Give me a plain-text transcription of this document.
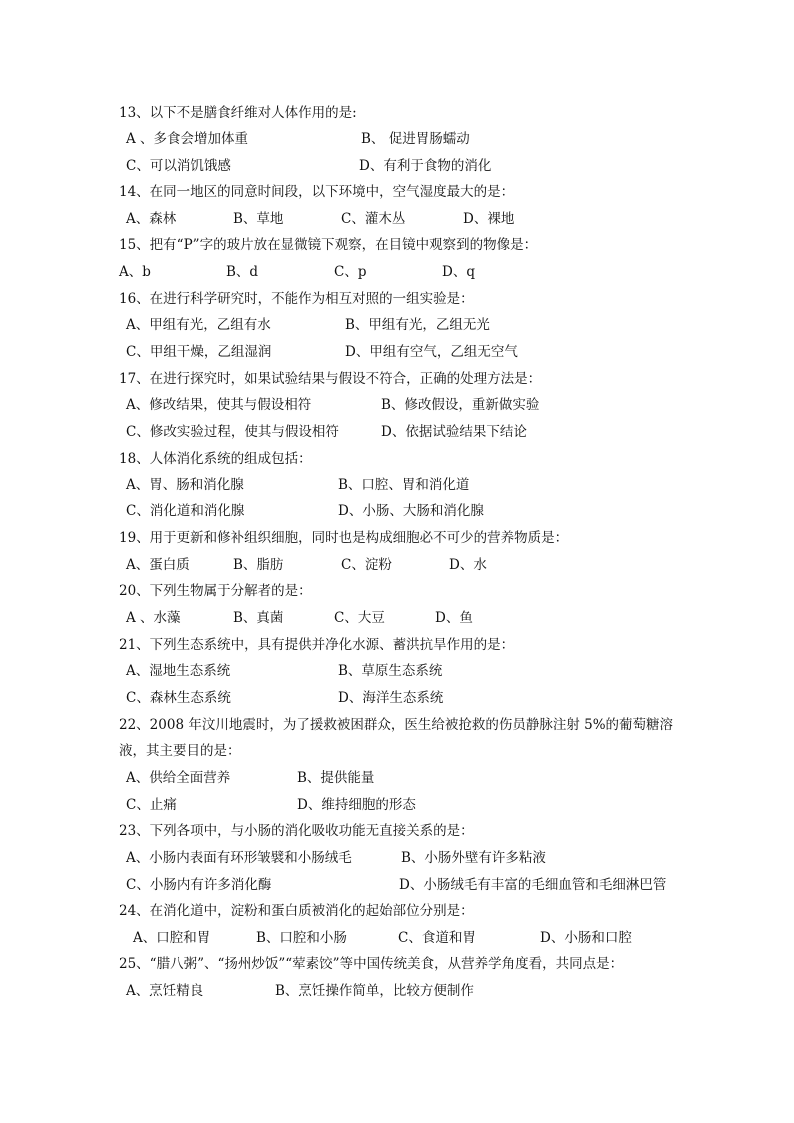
13、以下不是膳食纤维对人体作用的是:
A 、多食会增加体重	B、 促进胃肠蠕动
C、可以消饥饿感	D、有利于食物的消化
14、在同一地区的同意时间段，以下环境中，空气湿度最大的是：
A、森林	B、草地	C、灌木丛	D、裸地
15、把有“P”字的玻片放在显微镜下观察，在目镜中观察到的物像是：
A、b	B、d	C、p	D、q
16、在进行科学研究时，不能作为相互对照的一组实验是：
A、甲组有光，乙组有水	B、甲组有光，乙组无光
C、甲组干燥，乙组湿润	D、甲组有空气，乙组无空气
17、在进行探究时，如果试验结果与假设不符合，正确的处理方法是：
A、修改结果，使其与假设相符	B、修改假设，重新做实验
C、修改实验过程，使其与假设相符	D、依据试验结果下结论
18、人体消化系统的组成包括：
A、胃、肠和消化腺	B、口腔、胃和消化道
C、消化道和消化腺	D、小肠、大肠和消化腺
19、用于更新和修补组织细胞，同时也是构成细胞必不可少的营养物质是：
A、蛋白质	B、脂肪	C、淀粉	D、水
20、下列生物属于分解者的是：
A 、水藻	B、真菌	C、大豆	D、鱼
21、下列生态系统中，具有提供并净化水源、蓄洪抗旱作用的是：
A、湿地生态系统	B、草原生态系统
C、森林生态系统	D、海洋生态系统
22、2008 年汶川地震时，为了援救被困群众，医生给被抢救的伤员静脉注射 5%的葡萄糖溶
液，其主要目的是：
A、供给全面营养	B、提供能量
C、止痛	D、维持细胞的形态
23、下列各项中，与小肠的消化吸收功能无直接关系的是：
A、小肠内表面有环形皱襞和小肠绒毛	B、小肠外壁有许多粘液
C、小肠内有许多消化酶	D、小肠绒毛有丰富的毛细血管和毛细淋巴管
24、在消化道中，淀粉和蛋白质被消化的起始部位分别是：
A、口腔和胃	B、口腔和小肠	C、食道和胃	D、小肠和口腔
25、“腊八粥”、“扬州炒饭”“荤素饺”等中国传统美食，从营养学角度看，共同点是：
A、烹饪精良	B、烹饪操作简单，比较方便制作
